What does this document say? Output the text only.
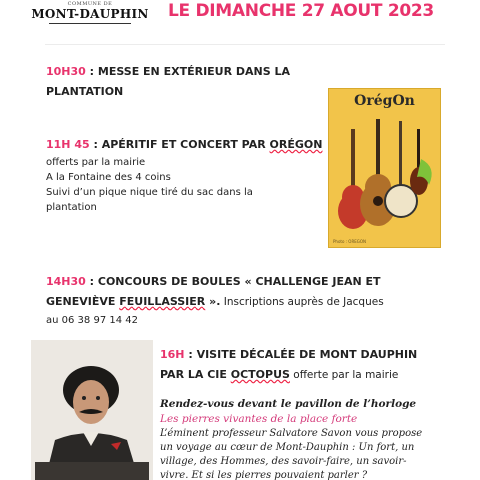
COMMUNE DE
MONT-DAUPHIN LE DIMANCHE 27 AOUT 2023
10H30 : MESSE EN EXTÉRIEUR DANS LA
PLANTATION
11H 45 : APÉRITIF ET CONCERT PAR ORÉGON
offerts par la mairie
A la Fontaine des 4 coins
Suivi d’un pique nique tiré du sac dans la
plantation
OrégOn
Photo : OREGON
14H30 : CONCOURS DE BOULES « CHALLENGE JEAN ET
GENEVIÈVE FEUILLASSIER ». Inscriptions auprès de Jacques
au 06 38 97 14 42
16H : VISITE DÉCALÉE DE MONT DAUPHIN
PAR LA CIE OCTOPUS offerte par la mairie
Rendez-vous devant le pavillon de l’horloge
Les pierres vivantes de la place forte
L’éminent professeur Salvatore Savon vous propose
un voyage au cœur de Mont-Dauphin : Un fort, un
village, des Hommes, des savoir-faire, un savoir-
vivre. Et si les pierres pouvaient parler ?
